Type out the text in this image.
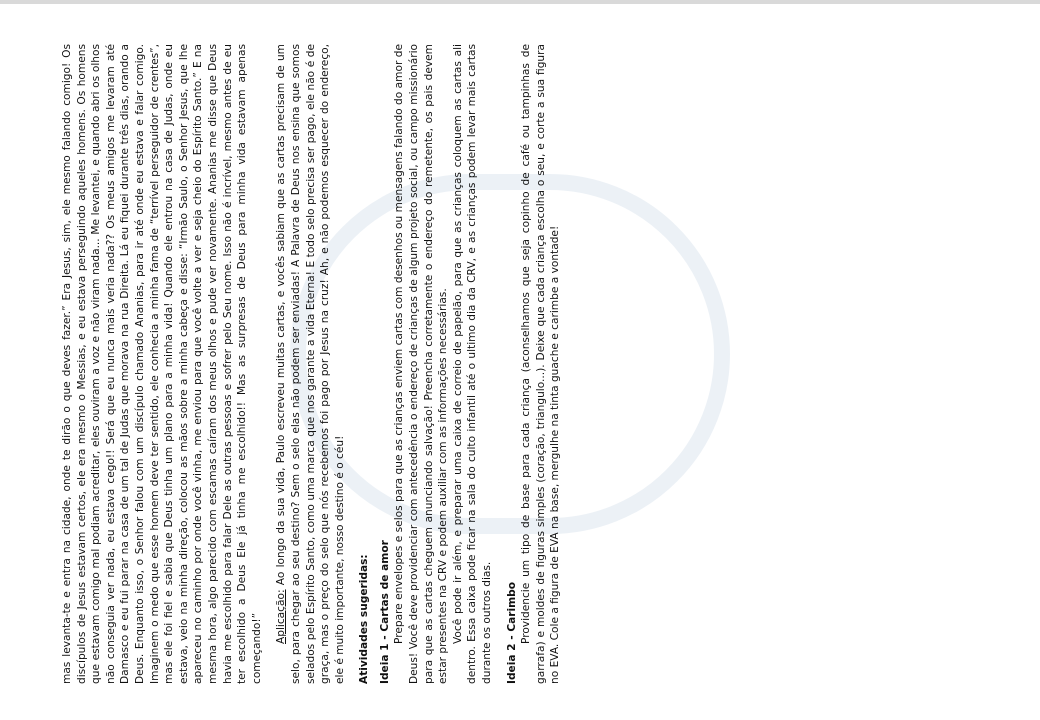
mas levanta-te e entra na cidade, onde te dirão o que deves fazer.” Era Jesus, sim, ele mesmo falando comigo! Os discípulos de Jesus estavam certos, ele era mesmo o Messias, e eu estava perseguindo aqueles homens. Os homens que estavam comigo mal podiam acreditar, eles ouviram a voz e não viram nada... Me levantei, e quando abri os olhos não conseguia ver nada, eu estava cego!! Será que eu nunca mais veria nada?? Os meus amigos me levaram até Damasco e eu fui parar na casa de um tal de Judas que morava na rua Direita. Lá eu fiquei durante três dias, orando a Deus. Enquanto isso, o Senhor falou com um discípulo chamado Ananias, para ir até onde eu estava e falar comigo. Imaginem o medo que esse homem deve ter sentido, ele conhecia a minha fama de “terrível perseguidor de crentes”, mas ele foi fiel e sabia que Deus tinha um plano para a minha vida! Quando ele entrou na casa de Judas, onde eu estava, veio na minha direção, colocou as mãos sobre a minha cabeça e disse: “Irmão Saulo, o Senhor Jesus, que lhe apareceu no caminho por onde você vinha, me enviou para que você volte a ver e seja cheio do Espírito Santo.” E na mesma hora, algo parecido com escamas caíram dos meus olhos e pude ver novamente. Ananias me disse que Deus havia me escolhido para falar Dele as outras pessoas e sofrer pelo Seu nome. Isso não é incrível, mesmo antes de eu ter escolhido a Deus Ele já tinha me escolhido!! Mas as surpresas de Deus para minha vida estavam apenas começando!” Aplicação: Ao longo da sua vida, Paulo escreveu muitas cartas, e vocês sabiam que as cartas precisam de um selo, para chegar ao seu destino? Sem o selo elas não podem ser enviadas! A Palavra de Deus nos ensina que somos selados pelo Espírito Santo, como uma marca que nos garante a vida Eterna! E todo selo precisa ser pago, ele não é de graça, mas o preço do selo que nós recebemos foi pago por Jesus na cruz! Ah, e não podemos esquecer do endereço, ele é muito importante, nosso destino é o céu! Atividades sugeridas: Ideia 1 - Cartas de amor Prepare envelopes e selos para que as crianças enviem cartas com desenhos ou mensagens falando do amor de Deus! Você deve providenciar com antecedência o endereço de crianças de algum projeto social, ou campo missionário para que as cartas cheguem anunciando salvação! Preencha corretamente o endereço do remetente, os pais devem estar presentes na CRV e podem auxiliar com as informações necessárias. Você pode ir além, e preparar uma caixa de correio de papelão, para que as crianças coloquem as cartas ali dentro. Essa caixa pode ficar na sala do culto infantil até o ultimo dia da CRV, e as crianças podem levar mais cartas durante os outros dias. Ideia 2 - Carimbo Providencie um tipo de base para cada criança (aconselhamos que seja copinho de café ou tampinhas de garrafa) e moldes de figuras simples (coração, triangulo...). Deixe que cada criança escolha o seu, e corte a sua figura no EVA. Cole a figura de EVA na base, mergulhe na tinta guache e carimbe a vontade!
